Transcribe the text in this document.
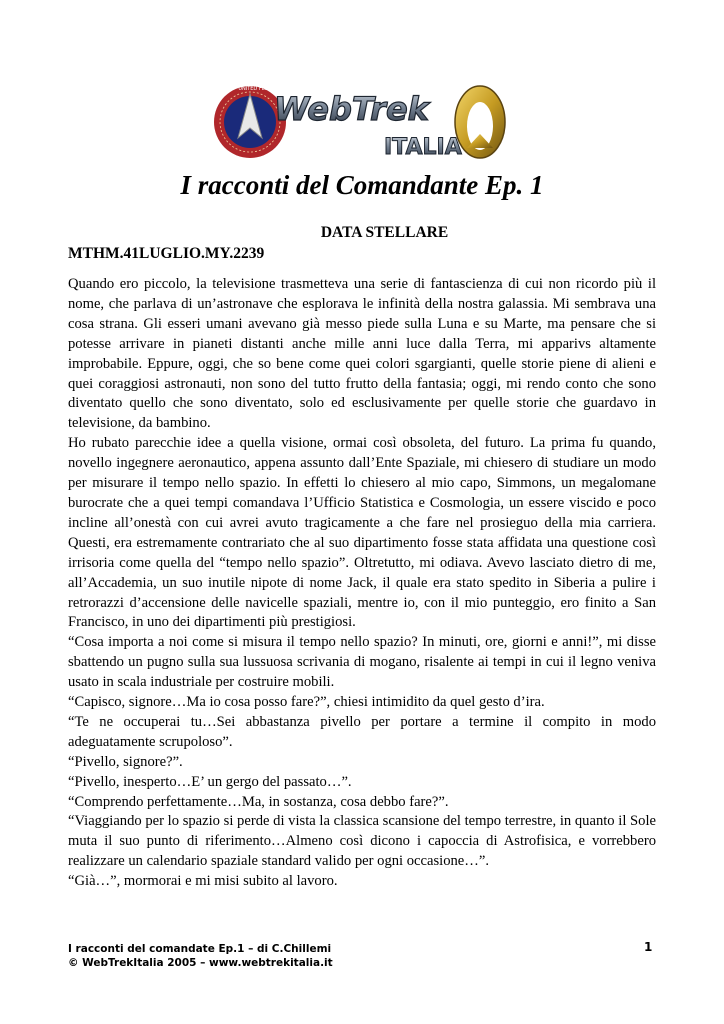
STARFLEET COMMAND · UNITED FEDERATION OF PLANETS
WebTrek
ITALIA
I racconti del Comandante Ep. 1
DATA STELLARE
MTHM.41LUGLIO.MY.2239

Quando ero piccolo, la televisione trasmetteva una serie di fantascienza di cui non ricordo più il nome, che parlava di un’astronave che esplorava le infinità della nostra galassia. Mi sembrava una cosa strana. Gli esseri umani avevano già messo piede sulla Luna e su Marte, ma pensare che si potesse arrivare in pianeti distanti anche mille anni luce dalla Terra, mi apparivs altamente improbabile. Eppure, oggi, che so bene come quei colori sgargianti, quelle storie piene di alieni e quei coraggiosi astronauti, non sono del tutto frutto della fantasia; oggi, mi rendo conto che sono diventato quello che sono diventato, solo ed esclusivamente per quelle storie che guardavo in televisione, da bambino.

Ho rubato parecchie idee a quella visione, ormai così obsoleta, del futuro. La prima fu quando, novello ingegnere aeronautico, appena assunto dall’Ente Spaziale, mi chiesero di studiare un modo per misurare il tempo nello spazio. In effetti lo chiesero al mio capo, Simmons, un megalomane burocrate che a quei tempi comandava l’Ufficio Statistica e Cosmologia, un essere viscido e poco incline all’onestà con cui avrei avuto tragicamente a che fare nel prosieguo della mia carriera. Questi, era estremamente contrariato che al suo dipartimento fosse stata affidata una questione così irrisoria come quella del “tempo nello spazio”. Oltretutto, mi odiava. Avevo lasciato dietro di me, all’Accademia, un suo inutile nipote di nome Jack, il quale era stato spedito in Siberia a pulire i retrorazzi d’accensione delle navicelle spaziali, mentre io, con il mio punteggio, ero finito a San Francisco, in uno dei dipartimenti più prestigiosi.

“Cosa importa a noi come si misura il tempo nello spazio? In minuti, ore, giorni e anni!”, mi disse sbattendo un pugno sulla sua lussuosa scrivania di mogano, risalente ai tempi in cui il legno veniva usato in scala industriale per costruire mobili.

“Capisco, signore…Ma io cosa posso fare?”, chiesi intimidito da quel gesto d’ira.

“Te ne occuperai tu…Sei abbastanza pivello per portare a termine il compito in modo adeguatamente scrupoloso”.

“Pivello, signore?”.

“Pivello, inesperto…E’ un gergo del passato…”.

“Comprendo perfettamente…Ma, in sostanza, cosa debbo fare?”.

“Viaggiando per lo spazio si perde di vista la classica scansione del tempo terrestre, in quanto il Sole muta il suo punto di riferimento…Almeno così dicono i capoccia di Astrofisica, e vorrebbero realizzare un calendario spaziale standard valido per ogni occasione…”.

“Già…”, mormorai e mi misi subito al lavoro.

I racconti del comandate Ep.1 – di C.Chillemi
© WebTrekItalia 2005 – www.webtrekitalia.it
1
